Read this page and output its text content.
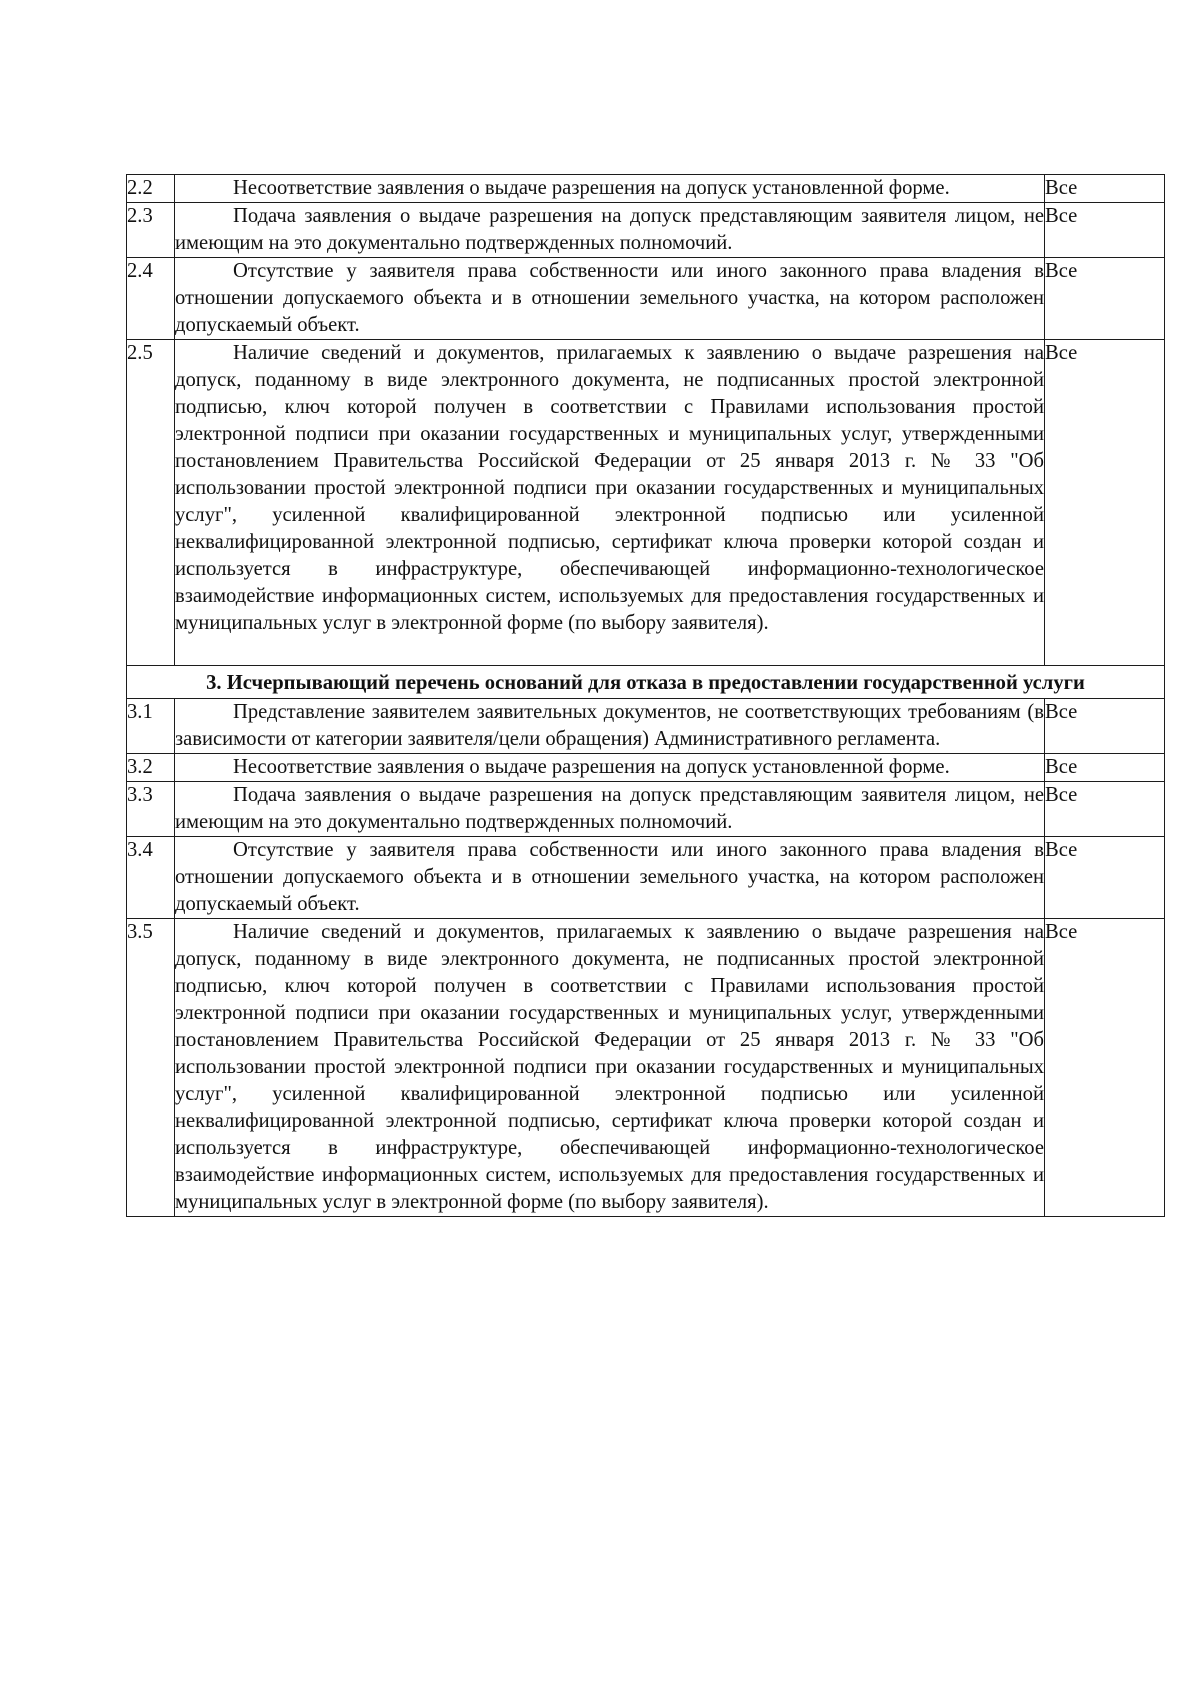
2.2	Несоответствие заявления о выдаче разрешения на допуск установленной форме.	Все
2.3	Подача заявления о выдаче разрешения на допуск представляющим заявителя лицом, не имеющим на это документально подтвержденных полномочий.	Все
2.4	Отсутствие у заявителя права собственности или иного законного права владения в отношении допускаемого объекта и в отношении земельного участка, на котором расположен допускаемый объект.	Все
2.5	Наличие сведений и документов, прилагаемых к заявлению о выдаче разрешения на допуск, поданному в виде электронного документа, не подписанных простой электронной подписью, ключ которой получен в соответствии с Правилами использования простой электронной подписи при оказании государственных и муниципальных услуг, утвержденными постановлением Правительства Российской Федерации от 25 января 2013 г. № 33 "Об использовании простой электронной подписи при оказании государственных и муниципальных услуг", усиленной квалифицированной электронной подписью или усиленной неквалифицированной электронной подписью, сертификат ключа проверки которой создан и используется в инфраструктуре, обеспечивающей информационно-технологическое взаимодействие информационных систем, используемых для предоставления государственных и муниципальных услуг в электронной форме (по выбору заявителя).	Все
3. Исчерпывающий перечень оснований для отказа в предоставлении государственной услуги		
3.1	Представление заявителем заявительных документов, не соответствующих требованиям (в зависимости от категории заявителя/цели обращения) Административного регламента.	Все
3.2	Несоответствие заявления о выдаче разрешения на допуск установленной форме.	Все
3.3	Подача заявления о выдаче разрешения на допуск представляющим заявителя лицом, не имеющим на это документально подтвержденных полномочий.	Все
3.4	Отсутствие у заявителя права собственности или иного законного права владения в отношении допускаемого объекта и в отношении земельного участка, на котором расположен допускаемый объект.	Все
3.5	Наличие сведений и документов, прилагаемых к заявлению о выдаче разрешения на допуск, поданному в виде электронного документа, не подписанных простой электронной подписью, ключ которой получен в соответствии с Правилами использования простой электронной подписи при оказании государственных и муниципальных услуг, утвержденными постановлением Правительства Российской Федерации от 25 января 2013 г. № 33 "Об использовании простой электронной подписи при оказании государственных и муниципальных услуг", усиленной квалифицированной электронной подписью или усиленной неквалифицированной электронной подписью, сертификат ключа проверки которой создан и используется в инфраструктуре, обеспечивающей информационно-технологическое взаимодействие информационных систем, используемых для предоставления государственных и муниципальных услуг в электронной форме (по выбору заявителя).	Все
